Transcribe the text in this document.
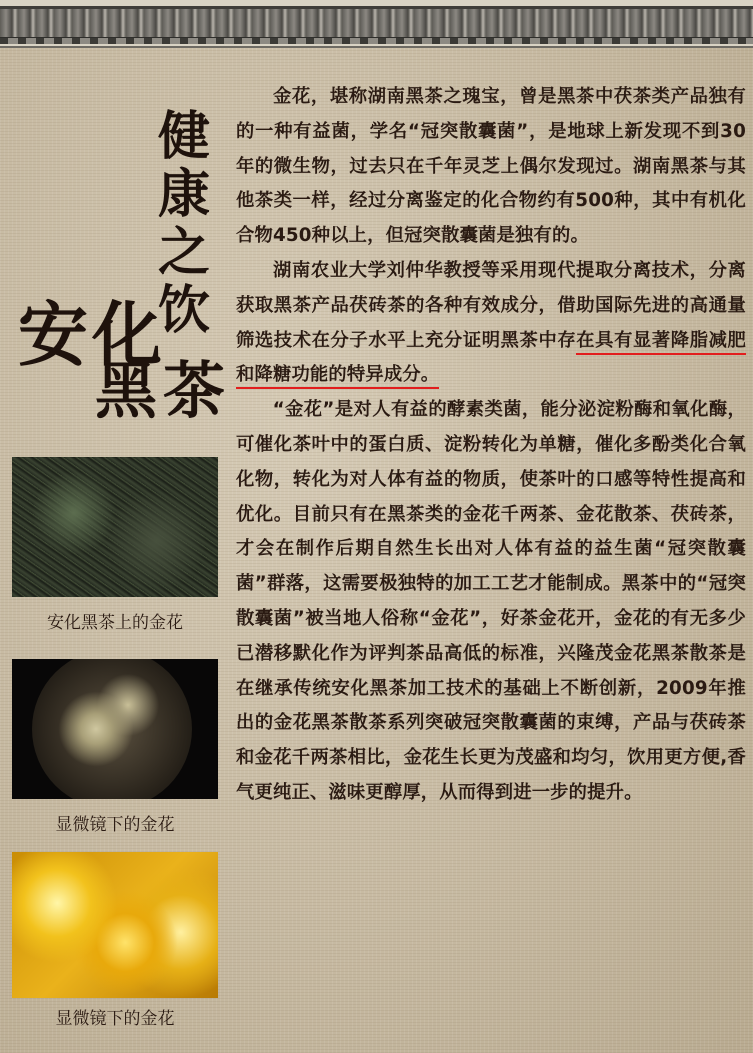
健康之饮
安化
黑茶
安化黑茶上的金花
显微镜下的金花
显微镜下的金花

金花，堪称湖南黑茶之瑰宝，曾是黑茶中茯茶类产品独有的一种有益菌，学名“冠突散囊菌”，是地球上新发现不到30年的微生物，过去只在千年灵芝上偶尔发现过。湖南黑茶与其他茶类一样，经过分离鉴定的化合物约有500种，其中有机化合物450种以上，但冠突散囊菌是独有的。

湖南农业大学刘仲华教授等采用现代提取分离技术，分离获取黑茶产品茯砖茶的各种有效成分，借助国际先进的高通量筛选技术在分子水平上充分证明黑茶中存在具有显著降脂减肥和降糖功能的特异成分。

“金花”是对人有益的酵素类菌，能分泌淀粉酶和氧化酶，可催化茶叶中的蛋白质、淀粉转化为单糖，催化多酚类化合氧化物，转化为对人体有益的物质，使茶叶的口感等特性提高和优化。目前只有在黑茶类的金花千两茶、金花散茶、茯砖茶，才会在制作后期自然生长出对人体有益的益生菌“冠突散囊菌”群落，这需要极独特的加工工艺才能制成。黑茶中的“冠突散囊菌”被当地人俗称“金花”，好茶金花开，金花的有无多少已潜移默化作为评判茶品高低的标准，兴隆茂金花黑茶散茶是在继承传统安化黑茶加工技术的基础上不断创新，2009年推出的金花黑茶散茶系列突破冠突散囊菌的束缚，产品与茯砖茶和金花千两茶相比，金花生长更为茂盛和均匀，饮用更方便,香气更纯正、滋味更醇厚，从而得到进一步的提升。
